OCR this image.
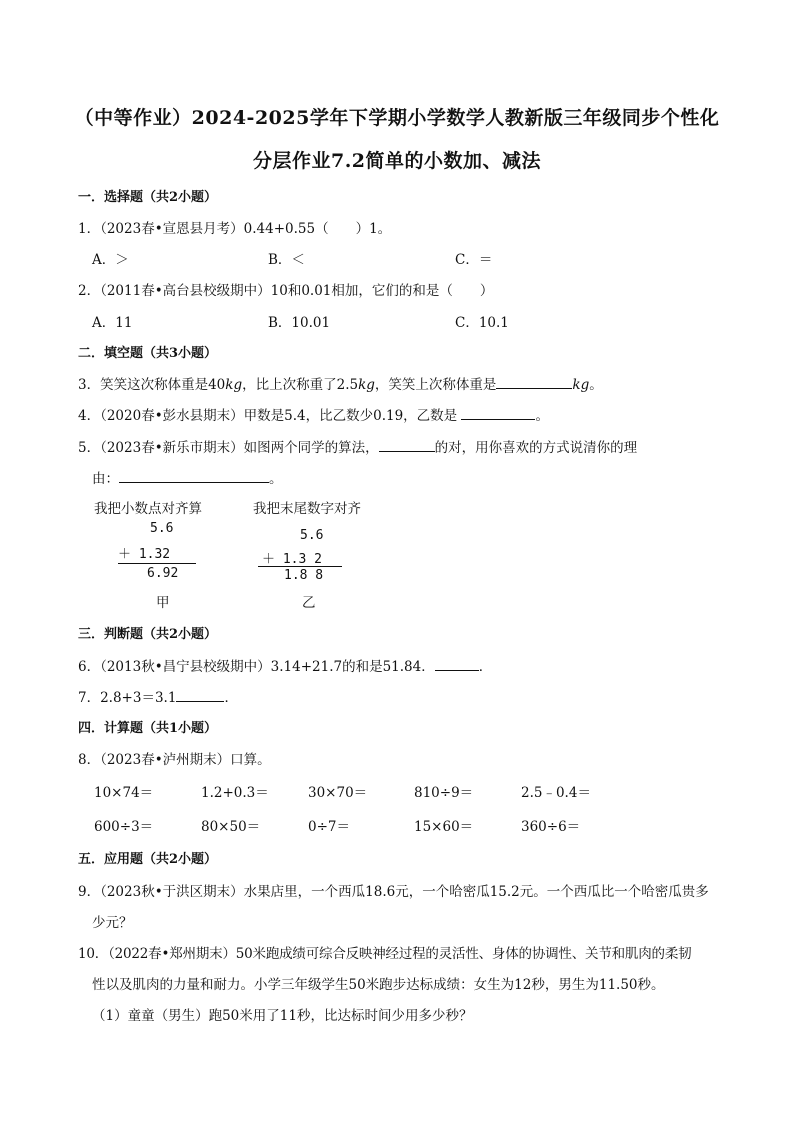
（中等作业）2024-2025学年下学期小学数学人教新版三年级同步个性化
分层作业7.2简单的小数加、减法
一．选择题（共2小题）
1．（2023春•宣恩县月考）0.44+0.55（　　）1。
A．＞	B．＜	C．＝
2．（2011春•高台县校级期中）10和0.01相加，它们的和是（　　）
A．11	B．10.01	C．10.1
二．填空题（共3小题）
3．笑笑这次称体重是40kg，比上次称重了2.5kg，笑笑上次称体重是	kg。
4．（2020春•彭水县期末）甲数是5.4，比乙数少0.19，乙数是	。
5．（2023春•新乐市期末）如图两个同学的算法，	的对，用你喜欢的方式说清你的理
由：	。
我把小数点对齐算
5.6
＋ 1.32
6.92
甲
我把末尾数字对齐
5.6
＋ 1.3 2
1.8 8
乙
三．判断题（共2小题）
6．（2013秋•昌宁县校级期中）3.14+21.7的和是51.84．	．
7．2.8+3＝3.1	．
四．计算题（共1小题）
8．（2023春•泸州期末）口算。
10×74＝	1.2+0.3＝	30×70＝	810÷9＝	2.5﹣0.4＝
600÷3＝	80×50＝	0÷7＝	15×60＝	360÷6＝
五．应用题（共2小题）
9．（2023秋•于洪区期末）水果店里，一个西瓜18.6元，一个哈密瓜15.2元。一个西瓜比一个哈密瓜贵多
少元？
10．（2022春•郑州期末）50米跑成绩可综合反映神经过程的灵活性、身体的协调性、关节和肌肉的柔韧
性以及肌肉的力量和耐力。小学三年级学生50米跑步达标成绩：女生为12秒，男生为11.50秒。
（1）童童（男生）跑50米用了11秒，比达标时间少用多少秒？
